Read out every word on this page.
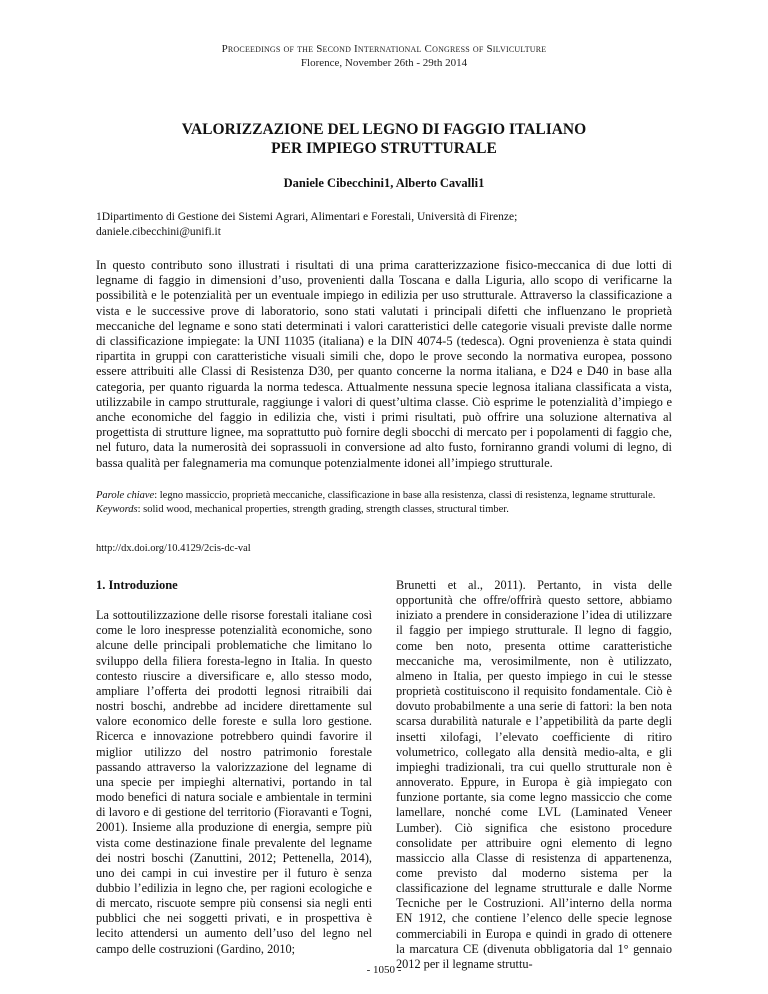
Proceedings of the Second International Congress of Silviculture
Florence, November 26th - 29th 2014
VALORIZZAZIONE DEL LEGNO DI FAGGIO ITALIANO
PER IMPIEGO STRUTTURALE
Daniele Cibecchini1, Alberto Cavalli1
1Dipartimento di Gestione dei Sistemi Agrari, Alimentari e Forestali, Università di Firenze;
daniele.cibecchini@unifi.it

In questo contributo sono illustrati i risultati di una prima caratterizzazione fisico-meccanica di due lotti di legname di faggio in dimensioni d’uso, provenienti dalla Toscana e dalla Liguria, allo scopo di verificarne la possibilità e le potenzialità per un eventuale impiego in edilizia per uso strutturale. Attraverso la classificazione a vista e le successive prove di laboratorio, sono stati valutati i principali difetti che influenzano le proprietà meccaniche del legname e sono stati determinati i valori caratteristici delle categorie visuali previste dalle norme di classificazione impiegate: la UNI 11035 (italiana) e la DIN 4074-5 (tedesca). Ogni provenienza è stata quindi ripartita in gruppi con caratteristiche visuali simili che, dopo le prove secondo la normativa europea, possono essere attribuiti alle Classi di Resistenza D30, per quanto concerne la norma italiana, e D24 e D40 in base alla categoria, per quanto riguarda la norma tedesca. Attualmente nessuna specie legnosa italiana classificata a vista, utilizzabile in campo strutturale, raggiunge i valori di quest’ultima classe. Ciò esprime le potenzialità d’impiego e anche economiche del faggio in edilizia che, visti i primi risultati, può offrire una soluzione alternativa al progettista di strutture lignee, ma soprattutto può fornire degli sbocchi di mercato per i popolamenti di faggio che, nel futuro, data la numerosità dei soprassuoli in conversione ad alto fusto, forniranno grandi volumi di legno, di bassa qualità per falegnameria ma comunque potenzialmente idonei all’impiego strutturale.

Parole chiave: legno massiccio, proprietà meccaniche, classificazione in base alla resistenza, classi di resistenza, legname strutturale.

Keywords: solid wood, mechanical properties, strength grading, strength classes, structural timber.

http://dx.doi.org/10.4129/2cis-dc-val
1. Introduzione

La sottoutilizzazione delle risorse forestali italiane così come le loro inespresse potenzialità economiche, sono alcune delle principali problematiche che limitano lo sviluppo della filiera foresta-legno in Italia. In questo contesto riuscire a diversificare e, allo stesso modo, ampliare l’offerta dei prodotti legnosi ritraibili dai nostri boschi, andrebbe ad incidere direttamente sul valore economico delle foreste e sulla loro gestione. Ricerca e innovazione potrebbero quindi favorire il miglior utilizzo del nostro patrimonio forestale passando attraverso la valorizzazione del legname di una specie per impieghi alternativi, portando in tal modo benefici di natura sociale e ambientale in termini di lavoro e di gestione del territorio (Fioravanti e Togni, 2001). Insieme alla produzione di energia, sempre più vista come destinazione finale prevalente del legname dei nostri boschi (Zanuttini, 2012; Pettenella, 2014), uno dei campi in cui investire per il futuro è senza dubbio l’edilizia in legno che, per ragioni ecologiche e di mercato, riscuote sempre più consensi sia negli enti pubblici che nei soggetti privati, e in prospettiva è lecito attendersi un aumento dell’uso del legno nel campo delle costruzioni (Gardino, 2010;

Brunetti et al., 2011). Pertanto, in vista delle opportunità che offre/offrirà questo settore, abbiamo iniziato a prendere in considerazione l’idea di utilizzare il faggio per impiego strutturale. Il legno di faggio, come ben noto, presenta ottime caratteristiche meccaniche ma, verosimilmente, non è utilizzato, almeno in Italia, per questo impiego in cui le stesse proprietà costituiscono il requisito fondamentale. Ciò è dovuto probabilmente a una serie di fattori: la ben nota scarsa durabilità naturale e l’appetibilità da parte degli insetti xilofagi, l’elevato coefficiente di ritiro volumetrico, collegato alla densità medio-alta, e gli impieghi tradizionali, tra cui quello strutturale non è annoverato. Eppure, in Europa è già impiegato con funzione portante, sia come legno massiccio che come lamellare, nonché come LVL (Laminated Veneer Lumber). Ciò significa che esistono procedure consolidate per attribuire ogni elemento di legno massiccio alla Classe di resistenza di appartenenza, come previsto dal moderno sistema per la classificazione del legname strutturale e dalle Norme Tecniche per le Costruzioni. All’interno della norma EN 1912, che contiene l’elenco delle specie legnose commerciabili in Europa e quindi in grado di ottenere la marcatura CE (divenuta obbligatoria dal 1° gennaio 2012 per il legname struttu-

- 1050 -
